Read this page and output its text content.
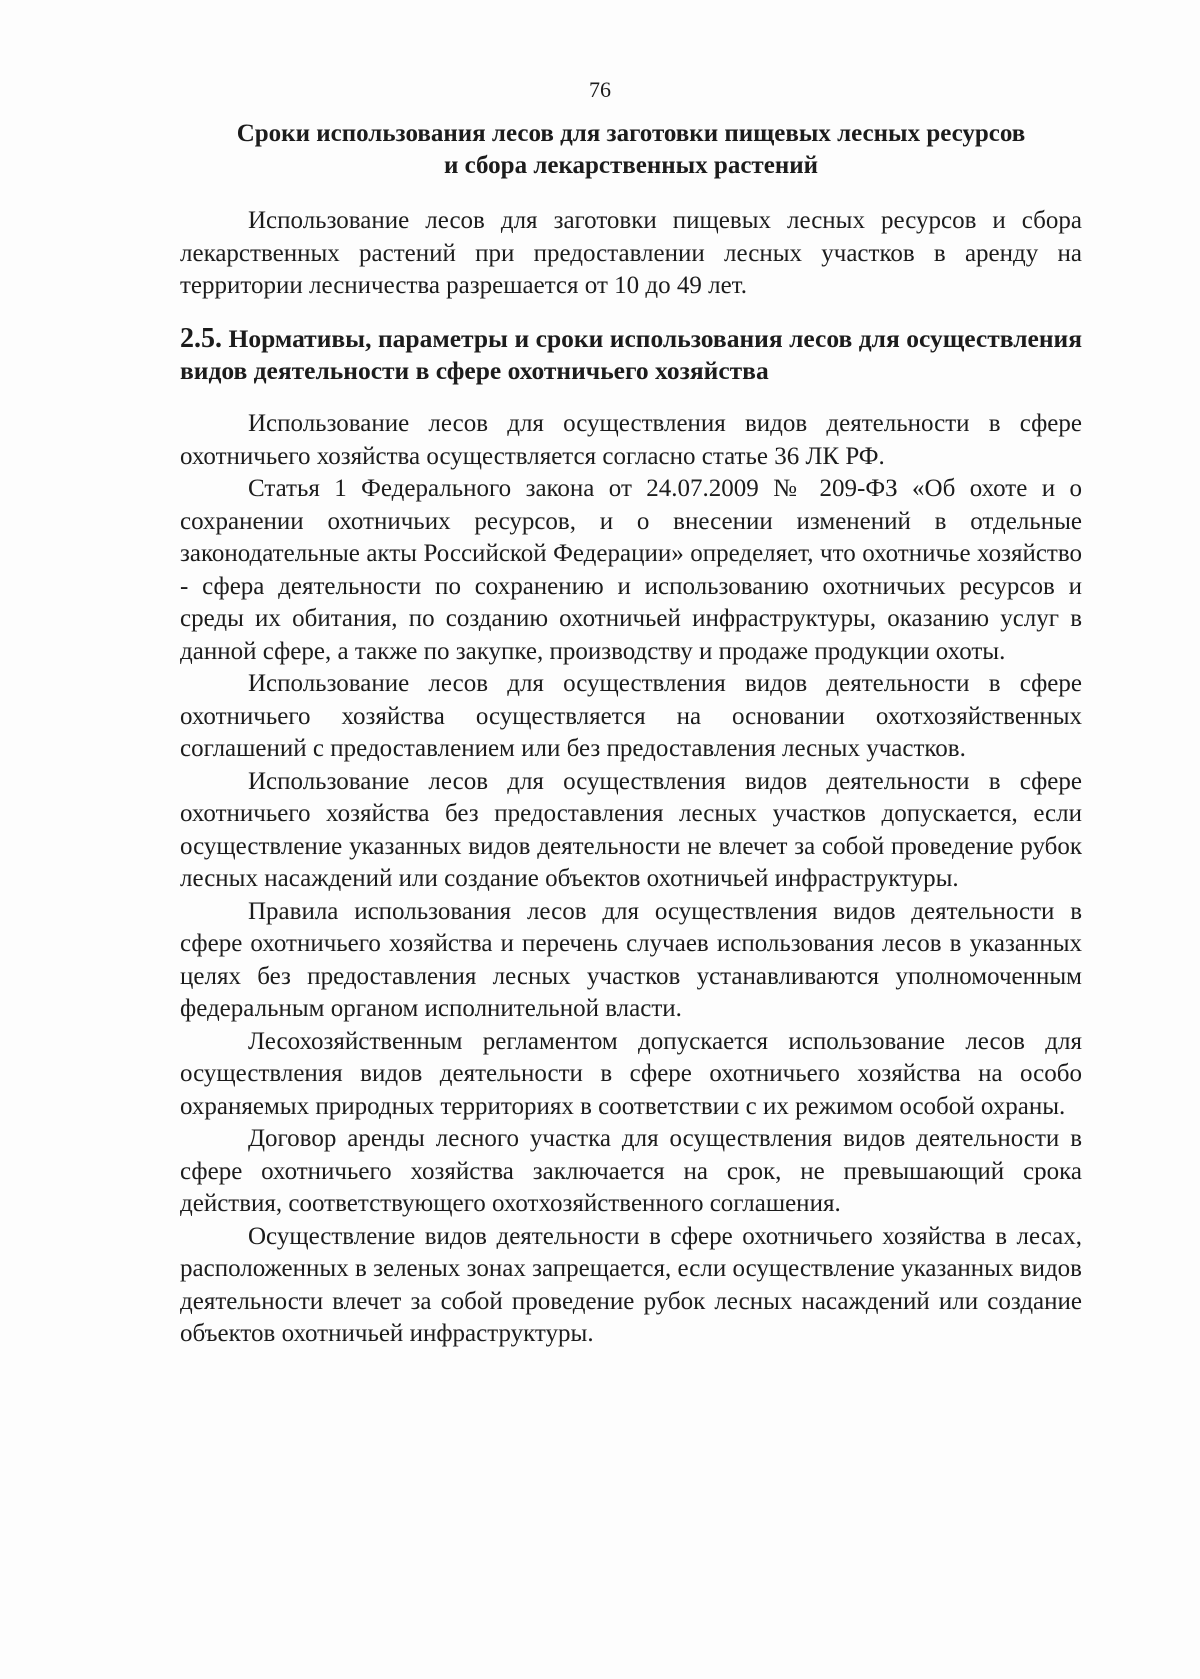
76
Сроки использования лесов для заготовки пищевых лесных ресурсов
и сбора лекарственных растений

Использование лесов для заготовки пищевых лесных ресурсов и сбора лекарственных растений при предоставлении лесных участков в аренду на территории лесничества разрешается от 10 до 49 лет.

2.5. Нормативы, параметры и сроки использования лесов для осуществления видов деятельности в сфере охотничьего хозяйства

Использование лесов для осуществления видов деятельности в сфере охотничьего хозяйства осуществляется согласно статье 36 ЛК РФ.

Статья 1 Федерального закона от 24.07.2009 № 209-ФЗ «Об охоте и о сохранении охотничьих ресурсов, и о внесении изменений в отдельные законодательные акты Российской Федерации» определяет, что охотничье хозяйство - сфера деятельности по сохранению и использованию охотничьих ресурсов и среды их обитания, по созданию охотничьей инфраструктуры, оказанию услуг в данной сфере, а также по закупке, производству и продаже продукции охоты.

Использование лесов для осуществления видов деятельности в сфере охотничьего хозяйства осуществляется на основании охотхозяйственных соглашений с предоставлением или без предоставления лесных участков.

Использование лесов для осуществления видов деятельности в сфере охотничьего хозяйства без предоставления лесных участков допускается, если осуществление указанных видов деятельности не влечет за собой проведение рубок лесных насаждений или создание объектов охотничьей инфраструктуры.

Правила использования лесов для осуществления видов деятельности в сфере охотничьего хозяйства и перечень случаев использования лесов в указанных целях без предоставления лесных участков устанавливаются уполномоченным федеральным органом исполнительной власти.

Лесохозяйственным регламентом допускается использование лесов для осуществления видов деятельности в сфере охотничьего хозяйства на особо охраняемых природных территориях в соответствии с их режимом особой охраны.

Договор аренды лесного участка для осуществления видов деятельности в сфере охотничьего хозяйства заключается на срок, не превышающий срока действия, соответствующего охотхозяйственного соглашения.

Осуществление видов деятельности в сфере охотничьего хозяйства в лесах, расположенных в зеленых зонах запрещается, если осуществление указанных видов деятельности влечет за собой проведение рубок лесных насаждений или создание объектов охотничьей инфраструктуры.
